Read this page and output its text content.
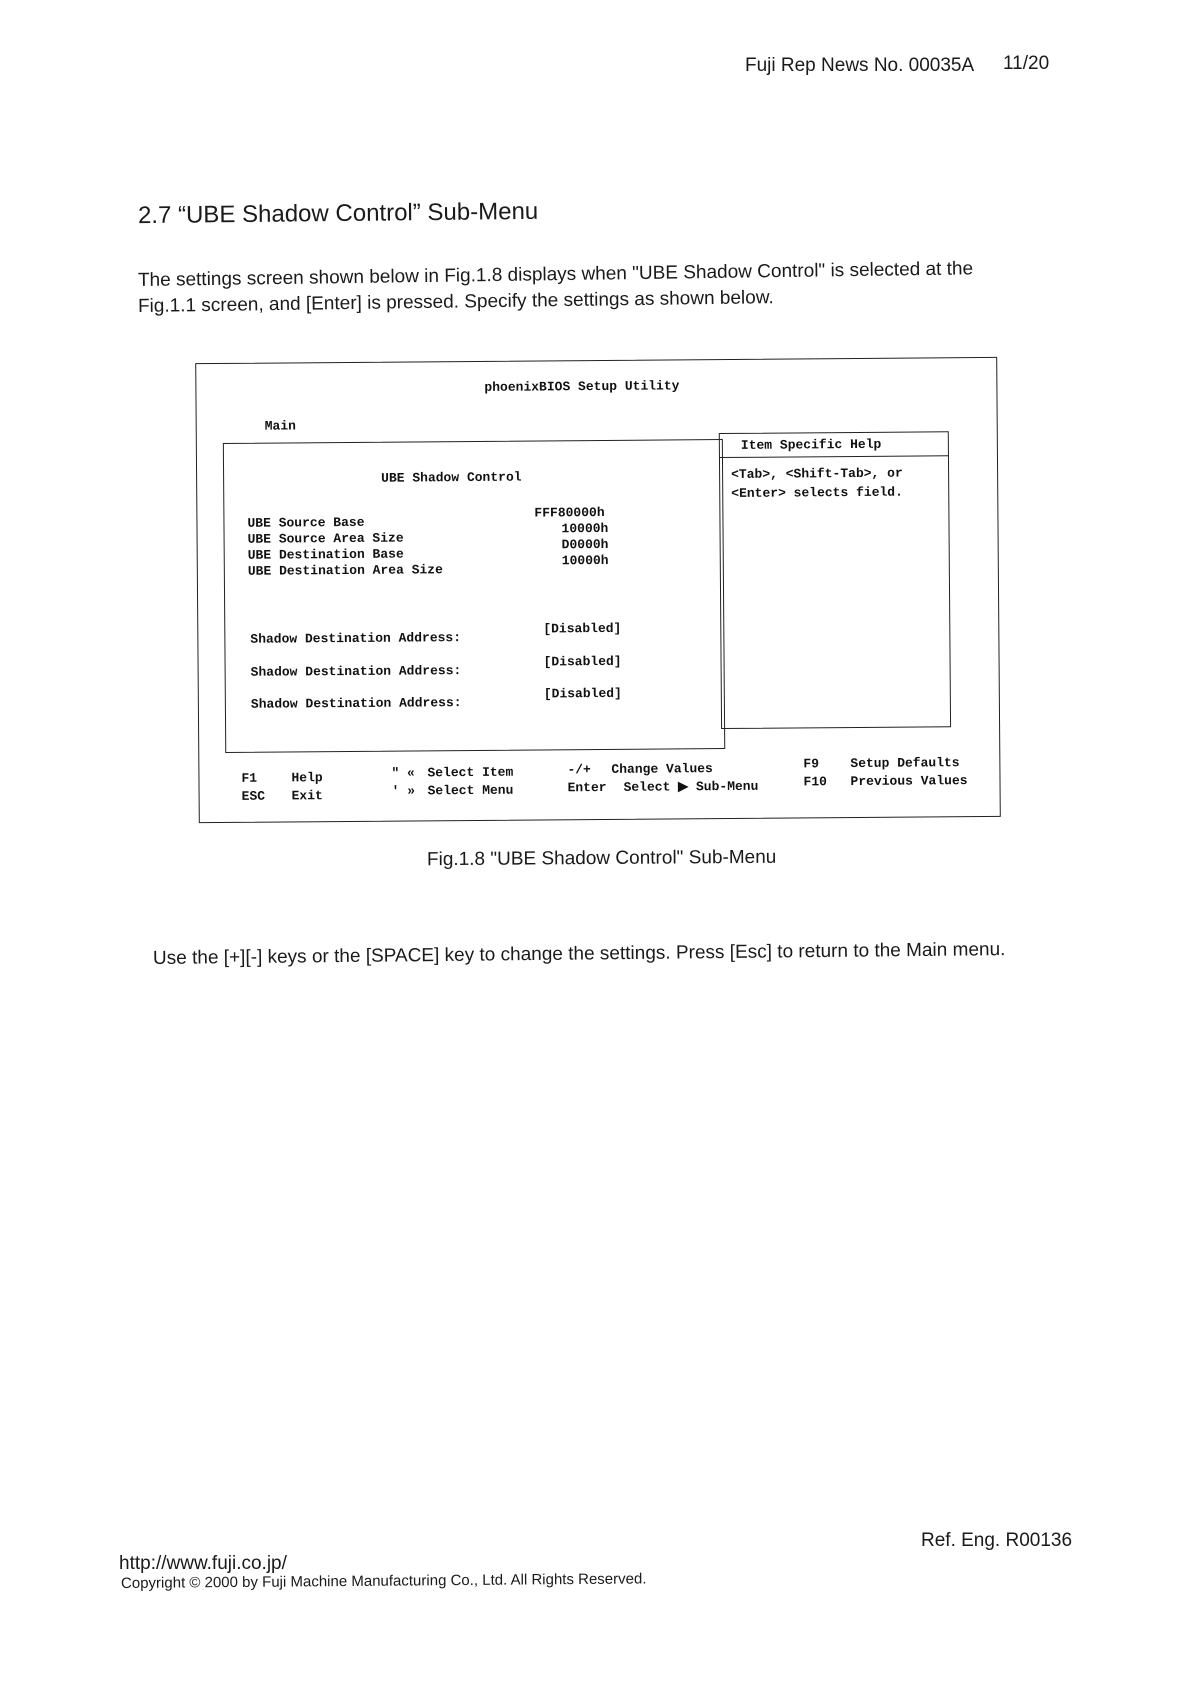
Fuji Rep News No. 00035A 11/20
2.7 “UBE Shadow Control” Sub-Menu
The settings screen shown below in Fig.1.8 displays when "UBE Shadow Control" is selected at the
Fig.1.1 screen, and [Enter] is pressed. Specify the settings as shown below.
phoenixBIOS Setup Utility
Main
Item Specific Help
<Tab>, <Shift-Tab>, or
<Enter> selects field.
UBE Shadow Control
UBE Source Base
FFF80000h
UBE Source Area Size
10000h
UBE Destination Base
D0000h
UBE Destination Area Size
10000h
Shadow Destination Address:
[Disabled]
Shadow Destination Address:
[Disabled]
Shadow Destination Address:
[Disabled]
F1	Help
ESC Exit
" « Select Item
' » Select Menu
-/+ Change Values
Enter Select ▶ Sub-Menu
F9 Setup Defaults
F10 Previous Values
Fig.1.8 "UBE Shadow Control" Sub-Menu
Use the [+][-] keys or the [SPACE] key to change the settings. Press [Esc] to return to the Main menu.
Ref. Eng. R00136
http://www.fuji.co.jp/
Copyright © 2000 by Fuji Machine Manufacturing Co., Ltd. All Rights Reserved.
